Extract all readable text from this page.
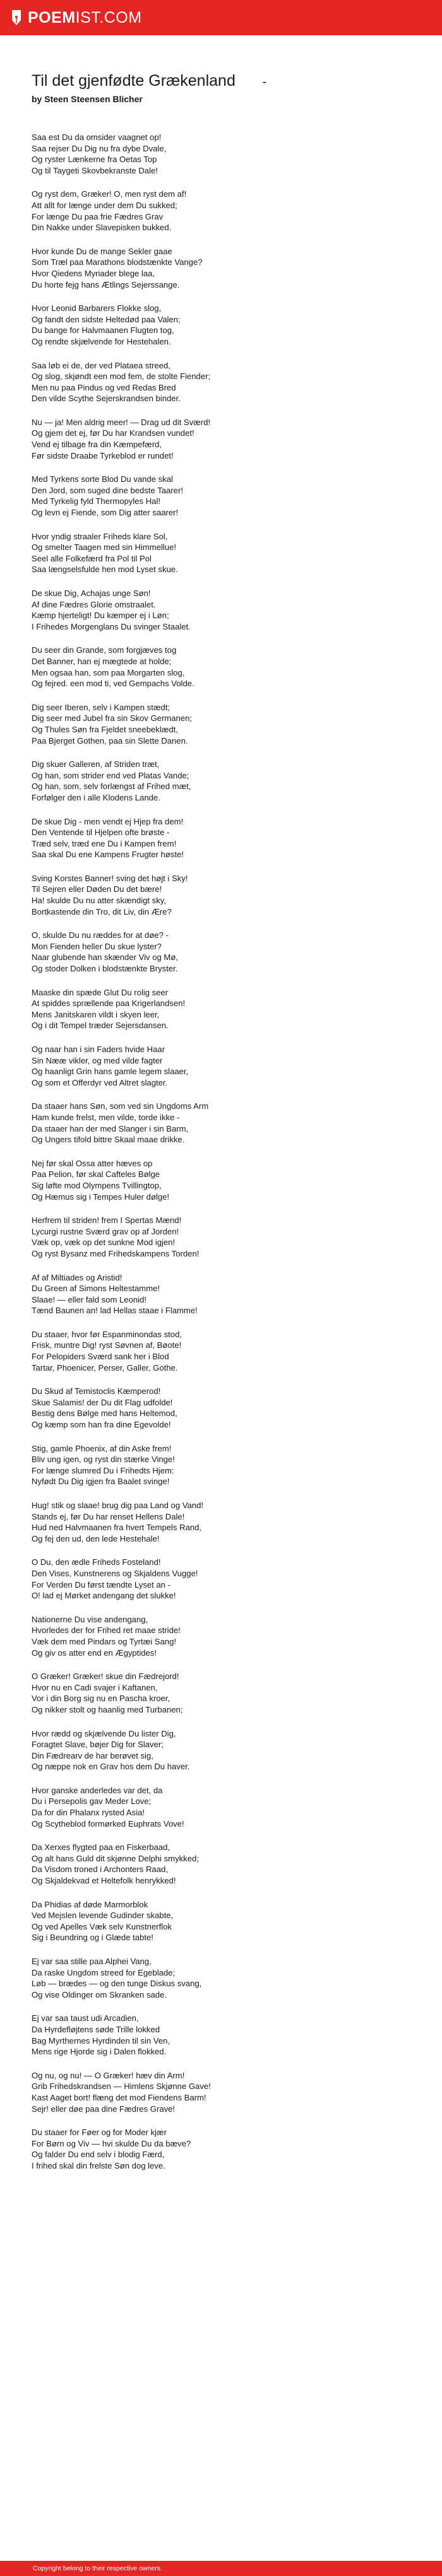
POEMIST.COM
Til det gjenfødte Grækenland -
by Steen Steensen Blicher
Saa est Du da omsider vaagnet op!
Saa rejser Du Dig nu fra dybe Dvale,
Og ryster Lænkerne fra Oetas Top
Og til Taygeti Skovbekranste Dale!
Og ryst dem, Græker! O, men ryst dem af!
Att allt for længe under dem Du sukked;
For længe Du paa frie Fædres Grav
Din Nakke under Slavepisken bukked.
Hvor kunde Du de mange Sekler gaae
Som Træl paa Marathons blodstænkte Vange?
Hvor Qiedens Myriader blege laa,
Du horte fejg hans Ætlings Sejerssange.
Hvor Leonid Barbarers Flokke slog,
Og fandt den sidste Heltedød paa Valen;
Du bange for Halvmaanen Flugten tog,
Og rendte skjælvende for Hestehalen.
Saa løb ei de, der ved Plataea streed,
Og slog, skjøndt een mod fem, de stolte Fiender;
Men nu paa Pindus og ved Redas Bred
Den vilde Scythe Sejerskrandsen binder.
Nu — ja! Men aldrig meer! — Drag ud dit Sværd!
Og gjem det ej, før Du har Krandsen vundet!
Vend ej tilbage fra din Kæmpefærd,
Før sidste Draabe Tyrkeblod er rundet!
Med Tyrkens sorte Blod Du vande skal
Den Jord, som suged dine bedste Taarer!
Med Tyrkelig fyld Thermopyles Hal!
Og levn ej Fiende, som Dig atter saarer!
Hvor yndig straaler Friheds klare Sol,
Og smelter Taagen med sin Himmellue!
Seel alle Folkefærd fra Pol til Pol
Saa længselsfulde hen mod Lyset skue.
De skue Dig, Achajas unge Søn!
Af dine Fædres Glorie omstraalet.
Kæmp hjerteligt! Du kæmper ej i Løn;
I Frihedes Morgenglans Du svinger Staalet.
Du seer din Grande, som forgjæves tog
Det Banner, han ej mægtede at holde;
Men ogsaa han, som paa Morgarten slog,
Og fejred. een mod ti, ved Gempachs Volde.
Dig seer Iberen, selv i Kampen stædt;
Dig seer med Jubel fra sin Skov Germanen;
Og Thules Søn fra Fjeldet sneebeklædt,
Paa Bjerget Gothen, paa sin Slette Danen.
Dig skuer Galleren, af Striden træt,
Og han, som strider end ved Platas Vande;
Og han, som, selv forlængst af Frihed mæt,
Forfølger den i alle Klodens Lande.
De skue Dig - men vendt ej Hjep fra dem!
Den Ventende til Hjelpen ofte brøste -
Træd selv, træd ene Du i Kampen frem!
Saa skal Du ene Kampens Frugter høste!
Sving Korstes Banner! sving det højt i Sky!
Til Sejren eller Døden Du det bære!
Ha! skulde Du nu atter skændigt sky,
Bortkastende din Tro, dit Liv, din Ære?
O, skulde Du nu ræddes for at døe? -
Mon Fienden heller Du skue lyster?
Naar glubende han skænder Viv og Mø,
Og stoder Dolken i blodstænkte Bryster.
Maaske din spæde Glut Du rolig seer
At spiddes sprællende paa Krigerlandsen!
Mens Janitskaren vildt i skyen leer,
Og i dit Tempel træder Sejersdansen.
Og naar han i sin Faders hvide Haar
Sin Nææ vikler, og med vilde fagter
Og haanligt Grin hans gamle legem slaaer,
Og som et Offerdyr ved Altret slagter.
Da staaer hans Søn, som ved sin Ungdoms Arm
Ham kunde frelst, men vilde, torde ikke -
Da staaer han der med Slanger i sin Barm,
Og Ungers tifold bittre Skaal maae drikke.
Nej før skal Ossa atter hæves op
Paa Pelion, før skal Cafteles Bølge
Sig løfte mod Olympens Tvillingtop,
Og Hæmus sig i Tempes Huler dølge!
Herfrem til striden! frem I Spertas Mænd!
Lycurgi rustne Sværd grav op af Jorden!
Væk op, væk op det sunkne Mod igjen!
Og ryst Bysanz med Frihedskampens Torden!
Af af Miltiades og Aristid!
Du Green af Simons Heltestamme!
Slaae! — eller fald som Leonid!
Tænd Baunen an! lad Hellas staae i Flamme!
Du staaer, hvor før Espanminondas stod,
Frisk, muntre Dig! ryst Søvnen af, Bøote!
For Pelopiders Sværd sank her i Blod
Tartar, Phoenicer, Perser, Galler, Gothe.
Du Skud af Temistoclis Kæmperod!
Skue Salamis! der Du dit Flag udfolde!
Bestig dens Bølge med hans Heltemod,
Og kæmp som han fra dine Egevolde!
Stig, gamle Phoenix, af din Aske frem!
Bliv ung igen, og ryst din stærke Vinge!
For længe slumred Du i Frihedts Hjem:
Nyfødt Du Dig igjen fra Baalet svinge!
Hug! stik og slaae! brug dig paa Land og Vand!
Stands ej, før Du har renset Hellens Dale!
Hud ned Halvmaanen fra hvert Tempels Rand,
Og fej den ud, den lede Hestehale!
O Du, den ædle Friheds Fosteland!
Den Vises, Kunstnerens og Skjaldens Vugge!
For Verden Du først tændte Lyset an -
O! lad ej Mørket andengang det slukke!
Nationerne Du vise andengang,
Hvorledes der for Frihed ret maae stride!
Væk dem med Pindars og Tyrtæi Sang!
Og giv os atter end en Ægyptides!
O Græker! Græker! skue din Fædrejord!
Hvor nu en Cadi svajer i Kaftanen,
Vor i din Borg sig nu en Pascha kroer,
Og nikker stolt og haanlig med Turbanen;
Hvor rædd og skjælvende Du lister Dig,
Foragtet Slave, bøjer Dig for Slaver;
Din Fædrearv de har berøvet sig,
Og næppe nok en Grav hos dem Du haver.
Hvor ganske anderledes var det, da
Du i Persepolis gav Meder Love;
Da for din Phalanx rysted Asia!
Og Scytheblod formørked Euphrats Vove!
Da Xerxes flygted paa en Fiskerbaad,
Og alt hans Guld dit skjønne Delphi smykked;
Da Visdom troned i Archonters Raad,
Og Skjaldekvad et Heltefolk henrykked!
Da Phidias af døde Marmorblok
Ved Mejslen levende Gudinder skabte,
Og ved Apelles Væk selv Kunstnerflok
Sig i Beundring og i Glæde tabte!
Ej var saa stille paa Alphei Vang,
Da raske Ungdom streed for Egeblade;
Løb — brædes — og den tunge Diskus svang,
Og vise Oldinger om Skranken sade.
Ej var saa taust udi Arcadien,
Da Hyrdefløjtens søde Trille lokked
Bag Myrthernes Hyrdinden til sin Ven,
Mens rige Hjorde sig i Dalen flokked.
Og nu, og nu! — O Græker! hæv din Arm!
Grib Frihedskrandsen — Himlens Skjønne Gave!
Kast Aaget bort! flæng det mod Fiendens Barm!
Sejr! eller døe paa dine Fædres Grave!
Du staaer for Føer og for Moder kjær
For Børn og Viv — hvi skulde Du da bæve?
Og falder Du end selv i blodig Færd,
I frihed skal din frelste Søn dog leve.
Copyright belong to their respective owners.
